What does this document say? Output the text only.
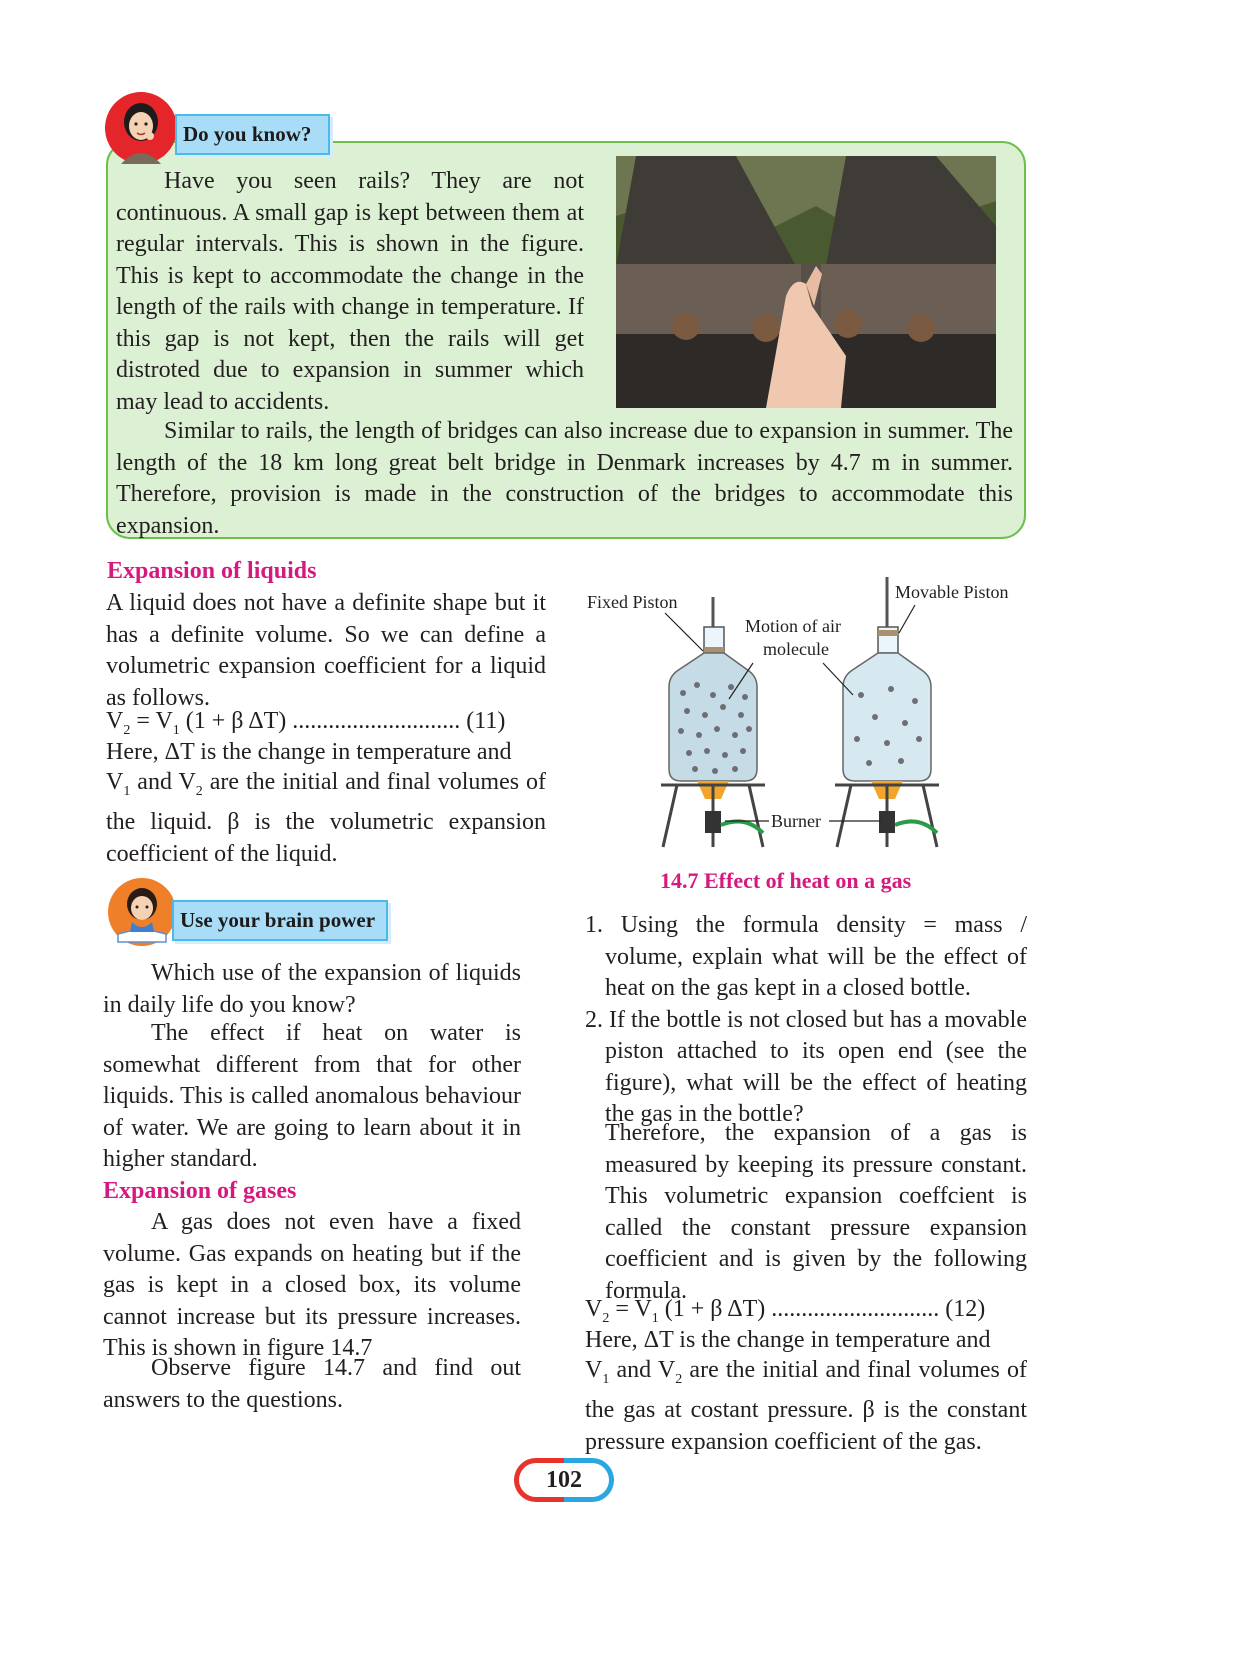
Do you know?

Have you seen rails? They are not continuous. A small gap is kept between them at regular intervals. This is shown in the figure. This is kept to accommodate the change in the length of the rails with change in temperature. If this gap is not kept, then the rails will get distroted due to expansion in summer which may lead to accidents.

Similar to rails, the length of bridges can also increase due to expansion in summer. The length of the 18 km long great belt bridge in Denmark increases by 4.7 m in summer. Therefore, provision is made in the construction of the bridges to accommodate this expansion.

Expansion of liquids

A liquid does not have a definite shape but it has a definite volume. So we can define a volumetric expansion coefficient for a liquid as follows.

$V_2 = V_1$ (1 + β ΔT) ............................ (11)

Here, ΔT is the change in temperature and

$V_1$ and $V_2$ are the initial and final volumes of the liquid. β is the volumetric expansion coefficient of the liquid.

Use your brain power

Which use of the expansion of liquids in daily life do you know?

The effect if heat on water is somewhat different from that for other liquids. This is called anomalous behaviour of water. We are going to learn about it in higher standard.

Expansion of gases

A gas does not even have a fixed volume. Gas expands on heating but if the gas is kept in a closed box, its volume cannot increase but its pressure increases. This is shown in figure 14.7

Observe figure 14.7 and find out answers to the questions.

Fixed Piston	Movable Piston
Motion of air
molecule
Burner
14.7 Effect of heat on a gas
1. Using the formula density = mass / volume, explain what will be the effect of heat on the gas kept in a closed bottle.
2. If the bottle is not closed but has a movable piston attached to its open end (see the figure), what will be the effect of heating the gas in the bottle?

Therefore, the expansion of a gas is measured by keeping its pressure constant. This volumetric expansion coeffcient is called the constant pressure expansion coefficient and is given by the following formula.

$V_2 = V_1$ (1 + β ΔT) ............................ (12)

Here, ΔT is the change in temperature and

$V_1$ and $V_2$ are the initial and final volumes of the gas at costant pressure. β is the constant pressure expansion coefficient of the gas.

102
